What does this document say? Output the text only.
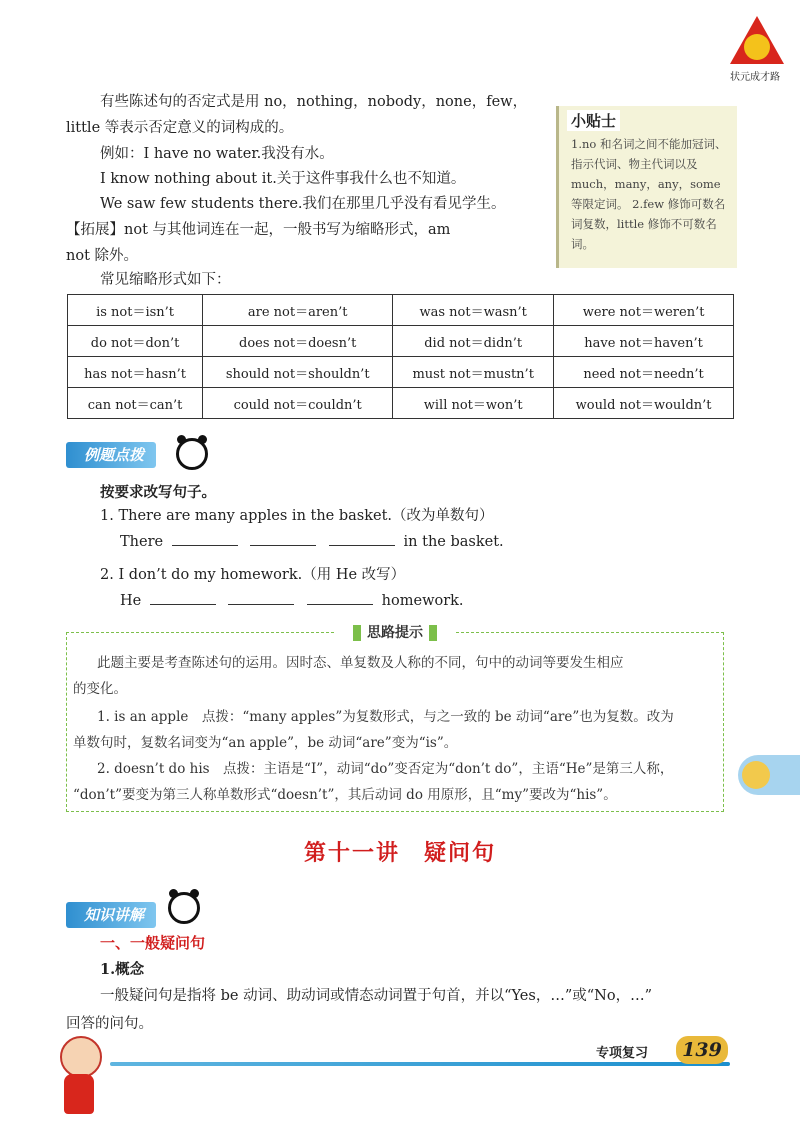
状元成才路
有些陈述句的否定式是用 no，nothing，nobody，none，few，
little 等表示否定意义的词构成的。
例如：I have no water.我没有水。
I know nothing about it.关于这件事我什么也不知道。
We saw few students there.我们在那里几乎没有看见学生。
【拓展】not 与其他词连在一起，一般书写为缩略形式，am
not 除外。
常见缩略形式如下：
小贴士
1.no 和名词之间不能加冠词、指示代词、物主代词以及 much，many，any，some 等限定词。 2.few 修饰可数名词复数，little 修饰不可数名词。
is not＝isn’t	are not＝aren’t	was not＝wasn’t	were not＝weren’t
do not＝don’t	does not＝doesn’t	did not＝didn’t	have not＝haven’t
has not＝hasn’t	should not＝shouldn’t	must not＝mustn’t	need not＝needn’t
can not＝can’t	could not＝couldn’t	will not＝won’t	would not＝wouldn’t
例题点拨
按要求改写句子。
1. There are many apples in the basket.（改为单数句）
There	in the basket.
2. I don’t do my homework.（用 He 改写）
He	homework.
思路提示
此题主要是考查陈述句的运用。因时态、单复数及人称的不同，句中的动词等要发生相应
的变化。
1. is an apple　点拨：“many apples”为复数形式，与之一致的 be 动词“are”也为复数。改为
单数句时，复数名词变为“an apple”，be 动词“are”变为“is”。
2. doesn’t do his　点拨：主语是“I”，动词“do”变否定为“don’t do”，主语“He”是第三人称，
“don’t”要变为第三人称单数形式“doesn’t”，其后动词 do 用原形，且“my”要改为“his”。
第十一讲　疑问句
知识讲解
一、一般疑问句
1.概念
一般疑问句是指将 be 动词、助动词或情态动词置于句首，并以“Yes，…”或“No，…”
回答的问句。
专项复习	139
